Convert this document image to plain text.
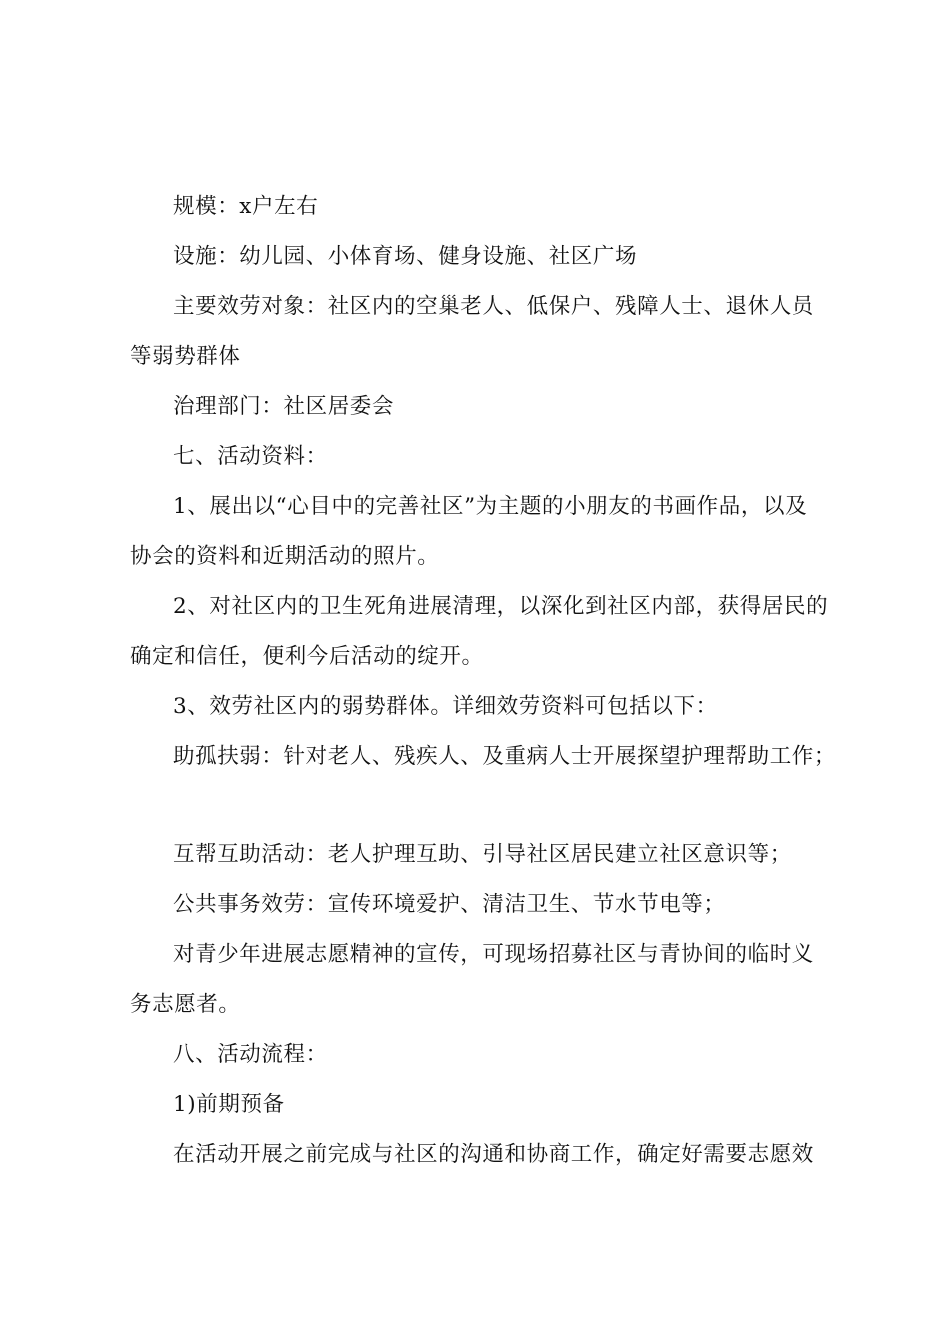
规模：x户左右
设施：幼儿园、小体育场、健身设施、社区广场
主要效劳对象：社区内的空巢老人、低保户、残障人士、退休人员
等弱势群体
治理部门：社区居委会
七、活动资料：
1、展出以“心目中的完善社区”为主题的小朋友的书画作品，以及
协会的资料和近期活动的照片。
2、对社区内的卫生死角进展清理，以深化到社区内部，获得居民的
确定和信任，便利今后活动的绽开。
3、效劳社区内的弱势群体。详细效劳资料可包括以下：
助孤扶弱：针对老人、残疾人、及重病人士开展探望护理帮助工作；
互帮互助活动：老人护理互助、引导社区居民建立社区意识等；
公共事务效劳：宣传环境爱护、清洁卫生、节水节电等；
对青少年进展志愿精神的宣传，可现场招募社区与青协间的临时义
务志愿者。
八、活动流程：
1)前期预备
在活动开展之前完成与社区的沟通和协商工作，确定好需要志愿效
